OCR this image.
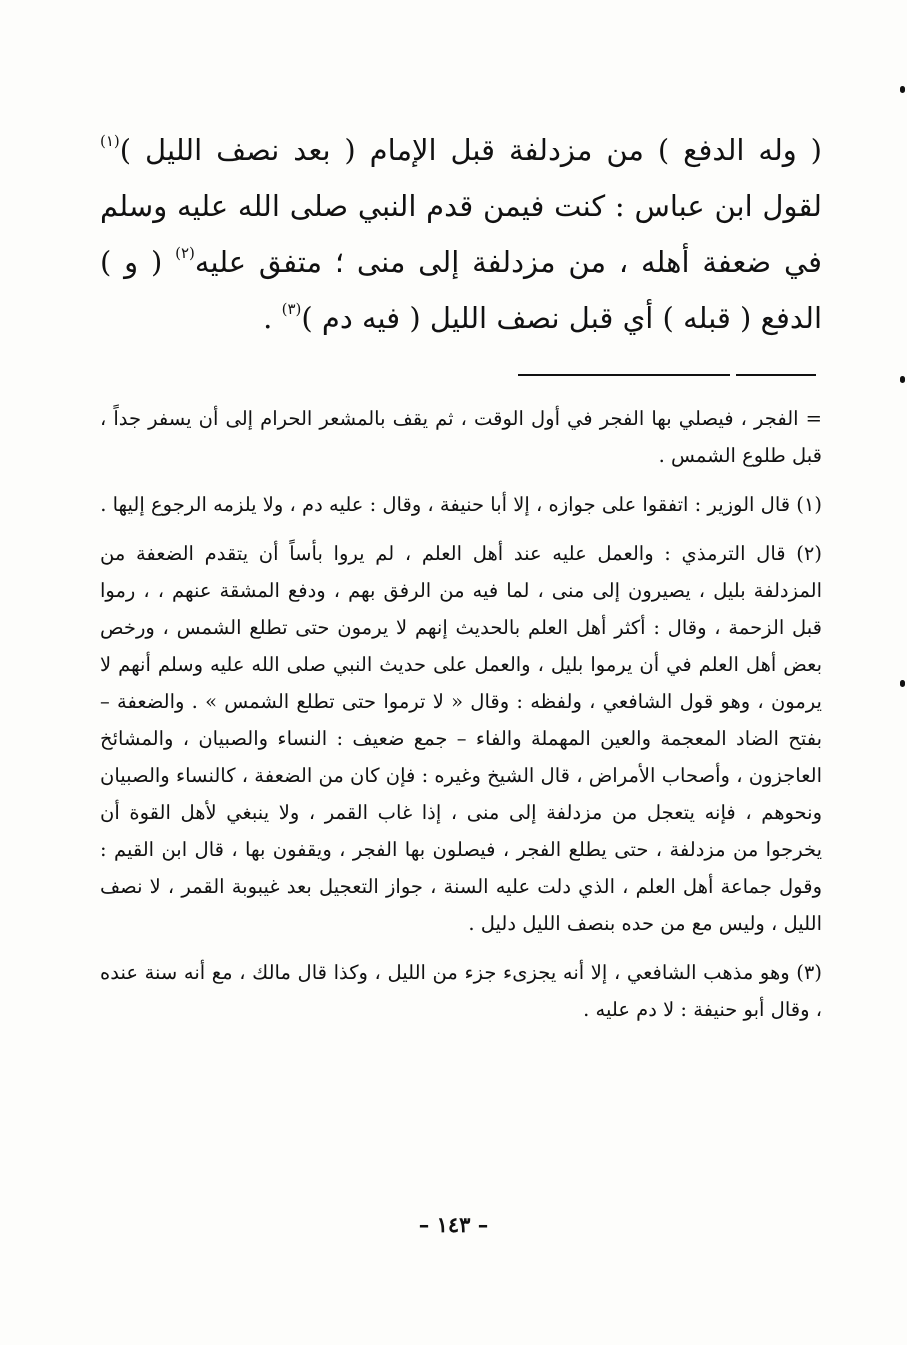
( وله الدفع ) من مزدلفة قبل الإمام ( بعد نصف الليل )$^{(١)}$ لقول ابن عباس : كنت فيمن قدم النبي صلى الله عليه وسلم في ضعفة أهله ، من مزدلفة إلى منى ؛ متفق عليه$^{(٢)}$ ( و ) الدفع ( قبله ) أي قبل نصف الليل ( فيه دم )$^{(٣)}$ .

= الفجر ، فيصلي بها الفجر في أول الوقت ، ثم يقف بالمشعر الحرام إلى أن يسفر جداً ، قبل طلوع الشمس .

(١) قال الوزير : اتفقوا على جوازه ، إلا أبا حنيفة ، وقال : عليه دم ، ولا يلزمه الرجوع إليها .

(٢) قال الترمذي : والعمل عليه عند أهل العلم ، لم يروا بأساً أن يتقدم الضعفة من المزدلفة بليل ، يصيرون إلى منى ، لما فيه من الرفق بهم ، ودفع المشقة عنهم ، ، رموا قبل الزحمة ، وقال : أكثر أهل العلم بالحديث إنهم لا يرمون حتى تطلع الشمس ، ورخص بعض أهل العلم في أن يرموا بليل ، والعمل على حديث النبي صلى الله عليه وسلم أنهم لا يرمون ، وهو قول الشافعي ، ولفظه : وقال « لا ترموا حتى تطلع الشمس » . والضعفة – بفتح الضاد المعجمة والعين المهملة والفاء – جمع ضعيف : النساء والصبيان ، والمشائخ العاجزون ، وأصحاب الأمراض ، قال الشيخ وغيره : فإن كان من الضعفة ، كالنساء والصبيان ونحوهم ، فإنه يتعجل من مزدلفة إلى منى ، إذا غاب القمر ، ولا ينبغي لأهل القوة أن يخرجوا من مزدلفة ، حتى يطلع الفجر ، فيصلون بها الفجر ، ويقفون بها ، قال ابن القيم : وقول جماعة أهل العلم ، الذي دلت عليه السنة ، جواز التعجيل بعد غيبوبة القمر ، لا نصف الليل ، وليس مع من حده بنصف الليل دليل .

(٣) وهو مذهب الشافعي ، إلا أنه يجزىء جزء من الليل ، وكذا قال مالك ، مع أنه سنة عنده ، وقال أبو حنيفة : لا دم عليه .

– ١٤٣ –
